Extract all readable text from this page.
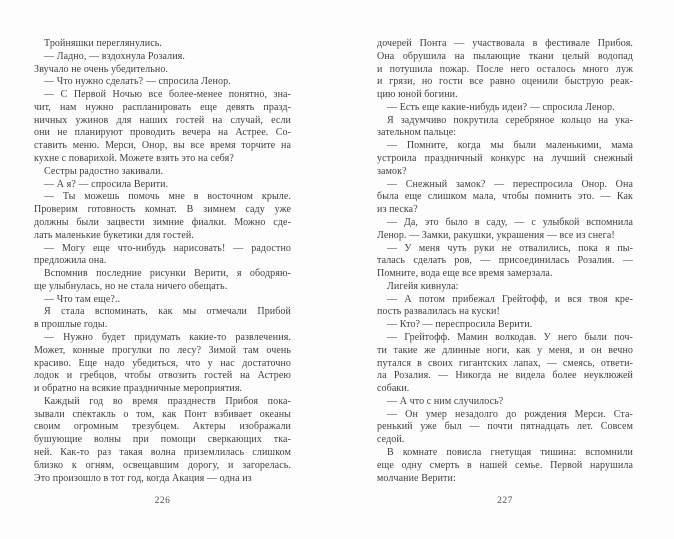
Тройняшки переглянулись.
— Ладно, — вздохнула Розалия.
Звучало не очень убедительно.
— Что нужно сделать? — спросила Ленор.
— С Первой Ночью все более-менее понятно, зна-
чит, нам нужно распланировать еще девять празд-
ничных ужинов для наших гостей на случай, если
они не планируют проводить вечера на Астрее. Со-
ставить меню. Мерси, Онор, вы все время торчите на
кухне с поварихой. Можете взять это на себя?
Сестры радостно закивали.
— А я? — спросила Верити.
— Ты можешь помочь мне в восточном крыле.
Проверим готовность комнат. В зимнем саду уже
должны были зацвести зимние фиалки. Можно сде-
лать маленькие букетики для гостей.
— Могу еще что-нибудь нарисовать! — радостно
предложила она.
Вспомнив последние рисунки Верити, я ободряю-
ще улыбнулась, но не стала ничего обещать.
— Что там еще?..
Я стала вспоминать, как мы отмечали Прибой
в прошлые годы.
— Нужно будет придумать какие-то развлечения.
Может, конные прогулки по лесу? Зимой там очень
красиво. Еще надо убедиться, что у нас достаточно
лодок и гребцов, чтобы отвозить гостей на Астрею
и обратно на всякие праздничные мероприятия.
Каждый год во время празднеств Прибоя пока-
зывали спектакль о том, как Понт взбивает океаны
своим огромным трезубцем. Актеры изображали
бушующие волны при помощи сверкающих тка-
ней. Как-то раз такая волна приземлилась слишком
близко к огням, освещавшим дорогу, и загорелась.
Это произошло в тот год, когда Акация — одна из
дочерей Понта — участвовала в фестивале Прибоя.
Она обрушила на пылающие ткани целый водопад
и потушила пожар. После него осталось много луж
и грязи, но гости все равно оценили быструю реак-
цию юной богини.
— Есть еще какие-нибудь идеи? — спросила Ленор.
Я задумчиво покрутила серебряное кольцо на ука-
зательном пальце:
— Помните, когда мы были маленькими, мама
устроила праздничный конкурс на лучший снежный
замок?
— Снежный замок? — переспросила Онор. Она
была еще слишком мала, чтобы помнить это. — Как
из песка?
— Да, это было в саду, — с улыбкой вспомнила
Ленор. — Замки, ракушки, украшения — все из снега!
— У меня чуть руки не отвалились, пока я пы-
талась сделать ров, — присоединилась Розалия. —
Помните, вода еще все время замерзала.
Лигейя кивнула:
— А потом прибежал Грейтофф, и вся твоя кре-
пость развалилась на куски!
— Кто? — переспросила Верити.
— Грейтофф. Мамин волкодав. У него были поч-
ти такие же длинные ноги, как у меня, и он вечно
путался в своих гигантских лапах, — смеясь, ответи-
ла Розалия. — Никогда не видела более неуклюжей
собаки.
— А что с ним случилось?
— Он умер незадолго до рождения Мерси. Ста-
ренький уже был — почти пятнадцать лет. Совсем
седой.
В комнате повисла гнетущая тишина: вспомнили
еще одну смерть в нашей семье. Первой нарушила
молчание Верити:
226	227
